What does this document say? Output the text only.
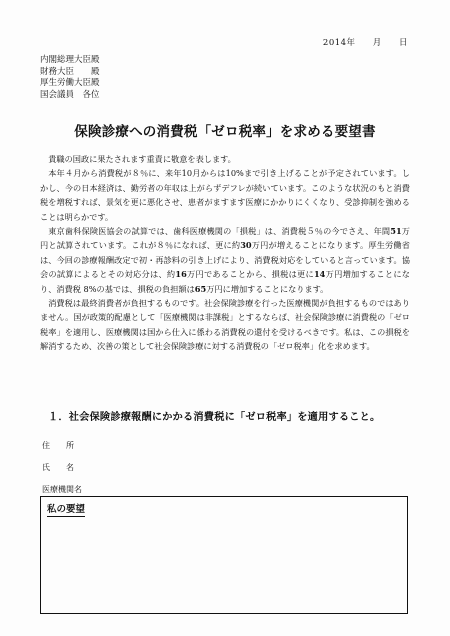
2014年 月 日
内閣総理大臣殿
財務大臣　　殿
厚生労働大臣殿
国会議員　各位
保険診療への消費税「ゼロ税率」を求める要望書

貴職の国政に果たされます重責に敬意を表します。

本年４月から消費税が８％に、来年10月からは10%まで引き上げることが予定されています。しかし、今の日本経済は、勤労者の年収は上がらずデフレが続いています。このような状況のもと消費税を増税すれば、景気を更に悪化させ、患者がますます医療にかかりにくくなり、受診抑制を強めることは明らかです。

東京歯科保険医協会の試算では、歯科医療機関の「損税」は、消費税５％の今でさえ、年間51万円と試算されています。これが８％になれば、更に約30万円が増えることになります。厚生労働省は、今回の診療報酬改定で初・再診料の引き上げにより、消費税対応をしていると言っています。協会の試算によるとその対応分は、約16万円であることから、損税は更に14万円増加することになり、消費税 8%の基では、損税の負担額は65万円に増加することになります。

消費税は最終消費者が負担するものです。社会保険診療を行った医療機関が負担するものではありません。国が政策的配慮として「医療機関は非課税」とするならば、社会保険診療に消費税の「ゼロ税率」を適用し、医療機関は国から仕入に係わる消費税の還付を受けるべきです。私は、この損税を解消するため、次善の策として社会保険診療に対する消費税の「ゼロ税率」化を求めます。

１．社会保険診療報酬にかかる消費税に「ゼロ税率」を適用すること。
住　　所
氏　　名
医療機関名
私の要望
